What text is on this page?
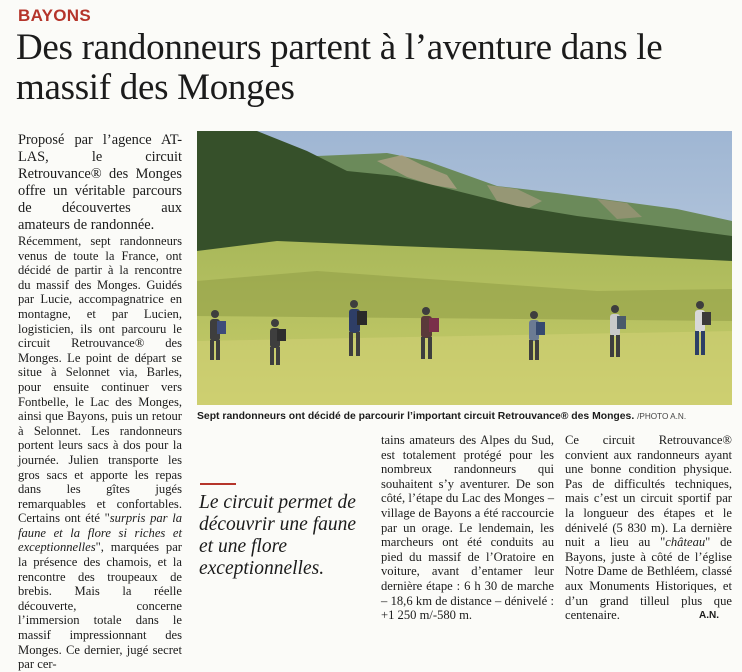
BAYONS
Des randonneurs partent à l’aventure dans le massif des Monges

Proposé par l’agence AT-LAS, le circuit Retrouvance® des Monges offre un véritable parcours de découvertes aux amateurs de randonnée.

Récemment, sept randonneurs venus de toute la France, ont décidé de partir à la rencontre du massif des Monges. Guidés par Lucie, accompagnatrice en montagne, et par Lucien, logisticien, ils ont parcouru le circuit Retrouvance® des Monges. Le point de départ se situe à Selonnet via, Barles, pour ensuite continuer vers Fontbelle, le Lac des Monges, ainsi que Bayons, puis un retour à Selonnet. Les randonneurs portent leurs sacs à dos pour la journée. Julien transporte les gros sacs et apporte les repas dans les gîtes jugés remarquables et confortables. Certains ont été "surpris par la faune et la flore si riches et exceptionnelles", marquées par la présence des chamois, et la rencontre des troupeaux de brebis. Mais la réelle découverte, concerne l’immersion totale dans le massif impressionnant des Monges. Ce dernier, jugé secret par cer-

Sept randonneurs ont décidé de parcourir l’important circuit Retrouvance® des Monges. /PHOTO A.N.
Le circuit permet de découvrir une faune et une flore exceptionnelles.

tains amateurs des Alpes du Sud, est totalement protégé pour les nombreux randonneurs qui souhaitent s’y aventurer. De son côté, l’étape du Lac des Monges – village de Bayons a été raccourcie par un orage. Le lendemain, les marcheurs ont été conduits au pied du massif de l’Oratoire en voiture, avant d’entamer leur dernière étape : 6 h 30 de marche – 18,6 km de distance – dénivelé : +1 250 m/-580 m.

Ce circuit Retrouvance® convient aux randonneurs ayant une bonne condition physique. Pas de difficultés techniques, mais c’est un circuit sportif par la longueur des étapes et le dénivelé (5 830 m). La dernière nuit a lieu au "château" de Bayons, juste à côté de l’église Notre Dame de Bethléem, classé aux Monuments Historiques, et d’un grand tilleul plus que centenaire.	A.N.
